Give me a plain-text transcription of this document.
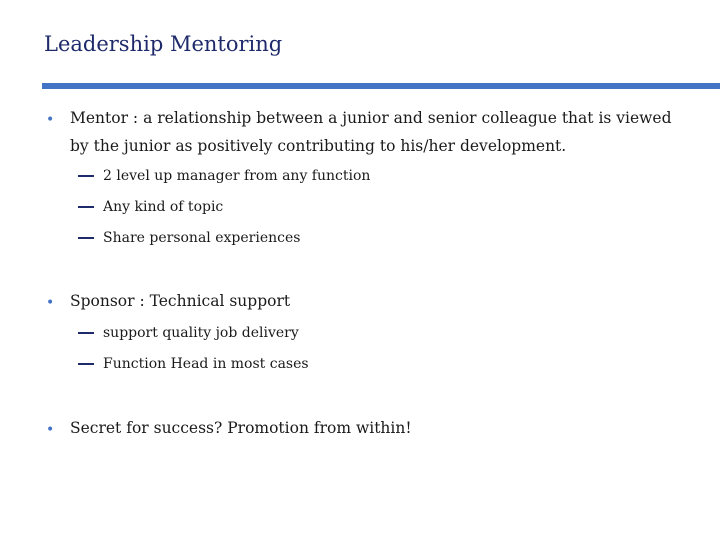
Leadership Mentoring
• Mentor : a relationship between a junior and senior colleague that is viewed by the junior as positively contributing to his/her development.
2 level up manager from any function
Any kind of topic
Share personal experiences
• Sponsor : Technical support
support quality job delivery
Function Head in most cases
• Secret for success? Promotion from within!
